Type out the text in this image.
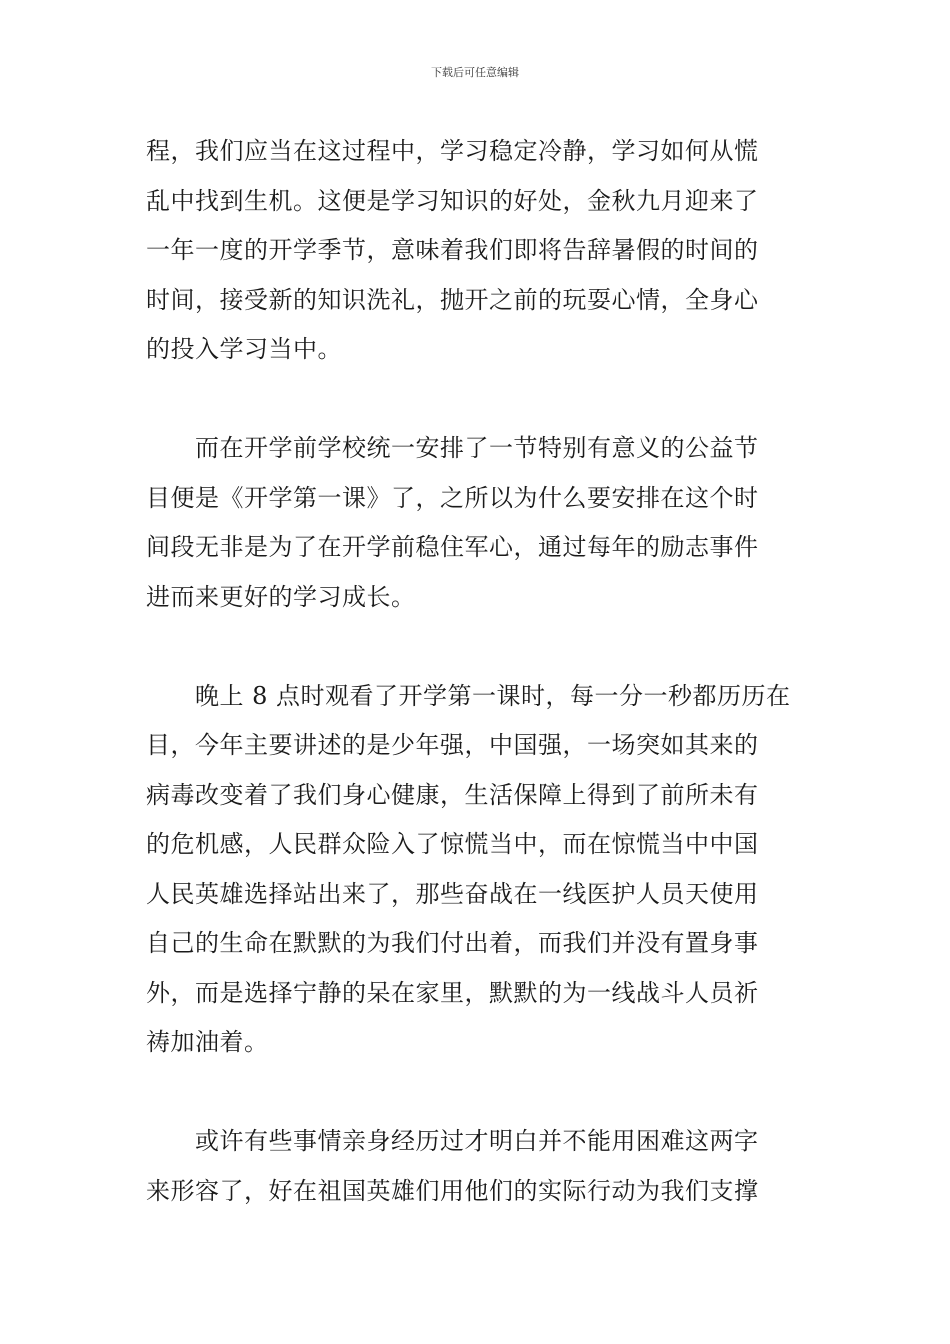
下载后可任意编辑
程，我们应当在这过程中，学习稳定冷静，学习如何从慌
乱中找到生机。这便是学习知识的好处，金秋九月迎来了
一年一度的开学季节，意味着我们即将告辞暑假的时间的
时间，接受新的知识洗礼，抛开之前的玩耍心情，全身心
的投入学习当中。
　　而在开学前学校统一安排了一节特别有意义的公益节
目便是《开学第一课》了，之所以为什么要安排在这个时
间段无非是为了在开学前稳住军心，通过每年的励志事件
进而来更好的学习成长。
　　晚上 8 点时观看了开学第一课时，每一分一秒都历历在
目，今年主要讲述的是少年强，中国强，一场突如其来的
病毒改变着了我们身心健康，生活保障上得到了前所未有
的危机感，人民群众险入了惊慌当中，而在惊慌当中中国
人民英雄选择站出来了，那些奋战在一线医护人员天使用
自己的生命在默默的为我们付出着，而我们并没有置身事
外，而是选择宁静的呆在家里，默默的为一线战斗人员祈
祷加油着。
　　或许有些事情亲身经历过才明白并不能用困难这两字
来形容了，好在祖国英雄们用他们的实际行动为我们支撑
